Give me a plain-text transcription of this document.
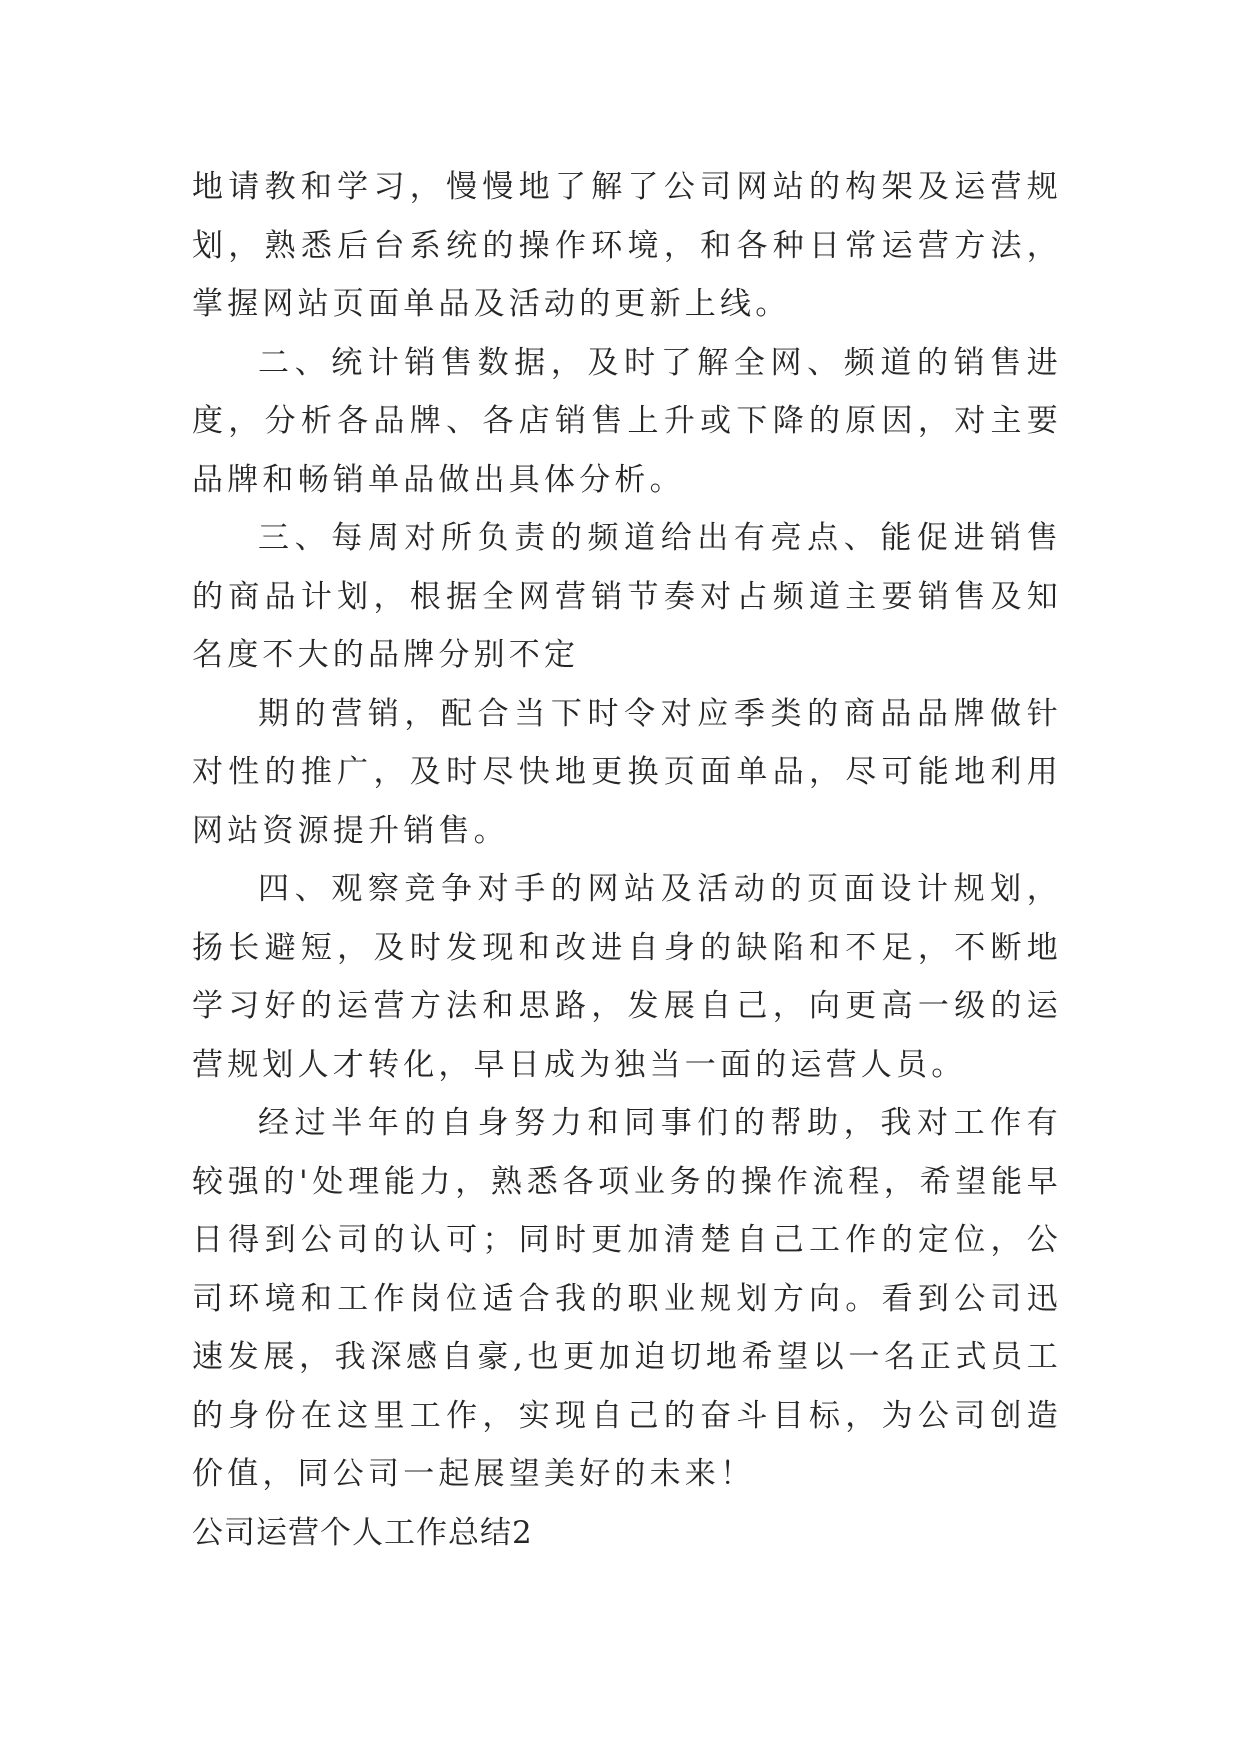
地请教和学习，慢慢地了解了公司网站的构架及运营规划，熟悉后台系统的操作环境，和各种日常运营方法，掌握网站页面单品及活动的更新上线。

二、统计销售数据，及时了解全网、频道的销售进度，分析各品牌、各店销售上升或下降的原因，对主要品牌和畅销单品做出具体分析。

三、每周对所负责的频道给出有亮点、能促进销售的商品计划，根据全网营销节奏对占频道主要销售及知名度不大的品牌分别不定

期的营销，配合当下时令对应季类的商品品牌做针对性的推广，及时尽快地更换页面单品，尽可能地利用网站资源提升销售。

四、观察竞争对手的网站及活动的页面设计规划，扬长避短，及时发现和改进自身的缺陷和不足，不断地学习好的运营方法和思路，发展自己，向更高一级的运营规划人才转化，早日成为独当一面的运营人员。

经过半年的自身努力和同事们的帮助，我对工作有较强的'处理能力，熟悉各项业务的操作流程，希望能早日得到公司的认可；同时更加清楚自己工作的定位，公司环境和工作岗位适合我的职业规划方向。看到公司迅速发展，我深感自豪,也更加迫切地希望以一名正式员工的身份在这里工作，实现自己的奋斗目标，为公司创造价值，同公司一起展望美好的未来！

公司运营个人工作总结2
